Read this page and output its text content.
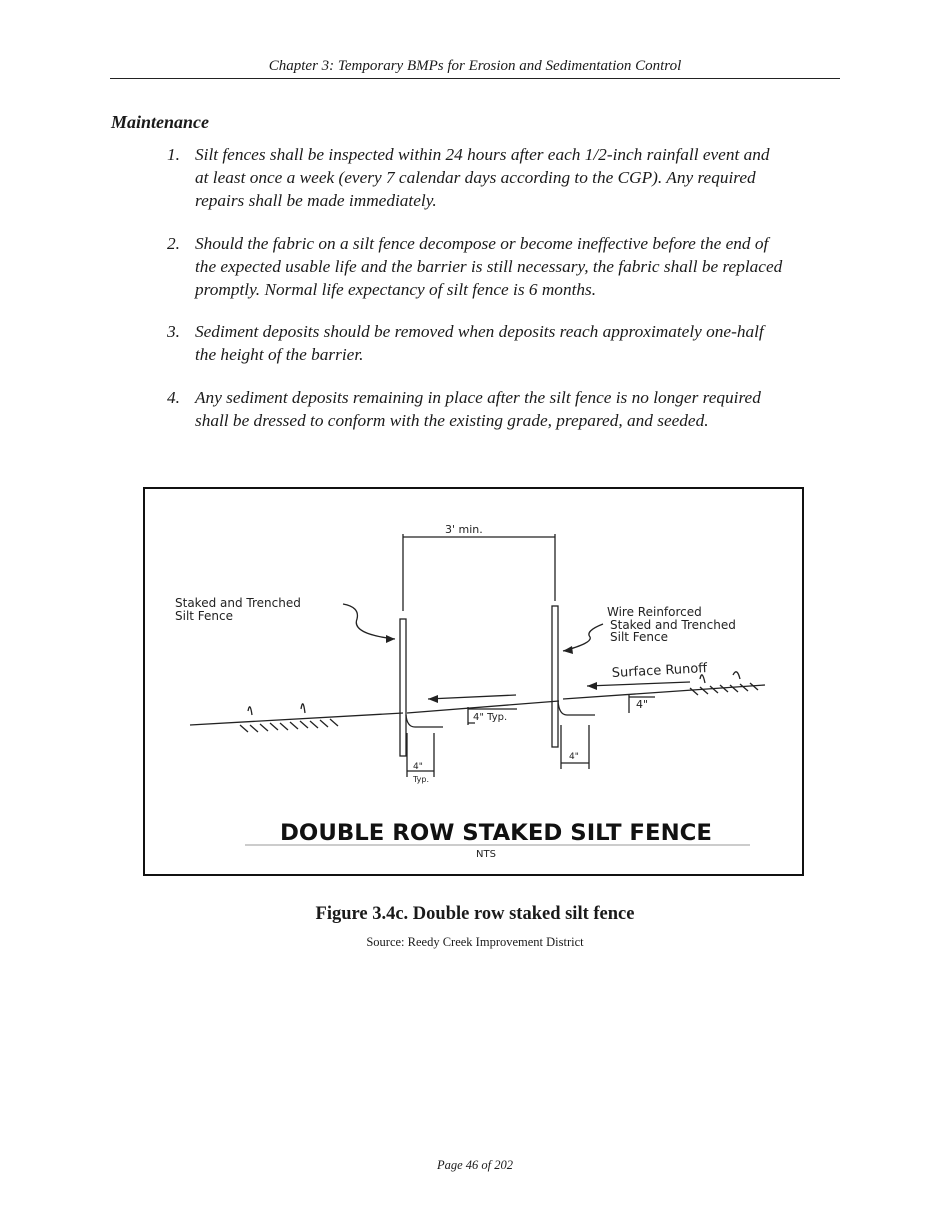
Chapter 3: Temporary BMPs for Erosion and Sedimentation Control
Maintenance
1. Silt fences shall be inspected within 24 hours after each 1/2-inch rainfall event and at least once a week (every 7 calendar days according to the CGP). Any required repairs shall be made immediately.
2. Should the fabric on a silt fence decompose or become ineffective before the end of the expected usable life and the barrier is still necessary, the fabric shall be replaced promptly. Normal life expectancy of silt fence is 6 months.
3. Sediment deposits should be removed when deposits reach approximately one-half the height of the barrier.
4. Any sediment deposits remaining in place after the silt fence is no longer required shall be dressed to conform with the existing grade, prepared, and seeded.
3' min.
Staked and Trenched
Silt Fence	Wire Reinforced
Staked and Trenched
Silt Fence
Surface Runoff
4" Typ.
4"
4"
Typ.
4"
DOUBLE ROW STAKED SILT FENCE
NTS
Figure 3.4c. Double row staked silt fence
Source: Reedy Creek Improvement District
Page 46 of 202
